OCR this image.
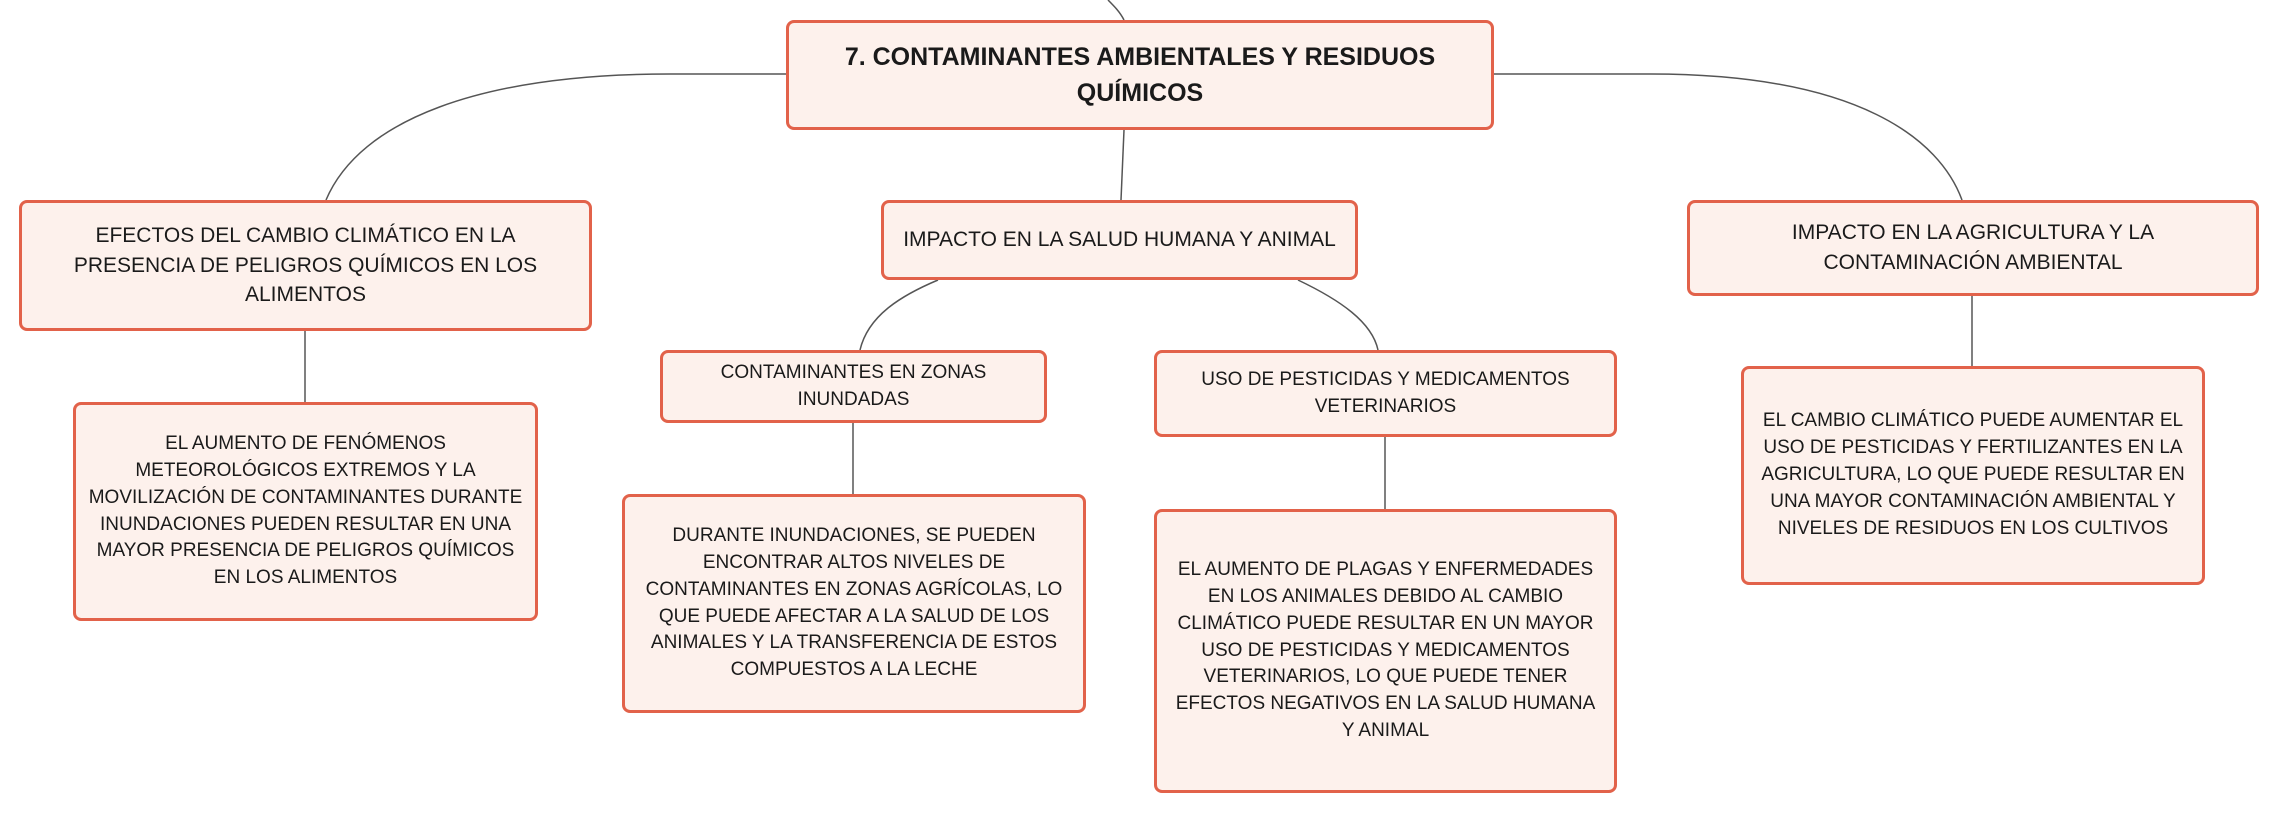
7. CONTAMINANTES AMBIENTALES Y RESIDUOS QUÍMICOS
EFECTOS DEL CAMBIO CLIMÁTICO EN LA PRESENCIA DE PELIGROS QUÍMICOS EN LOS ALIMENTOS
IMPACTO EN LA SALUD HUMANA Y ANIMAL	IMPACTO EN LA AGRICULTURA Y LA CONTAMINACIÓN AMBIENTAL
EL AUMENTO DE FENÓMENOS METEOROLÓGICOS EXTREMOS Y LA MOVILIZACIÓN DE CONTAMINANTES DURANTE INUNDACIONES PUEDEN RESULTAR EN UNA MAYOR PRESENCIA DE PELIGROS QUÍMICOS EN LOS ALIMENTOS
CONTAMINANTES EN ZONAS INUNDADAS
USO DE PESTICIDAS Y MEDICAMENTOS VETERINARIOS
DURANTE INUNDACIONES, SE PUEDEN ENCONTRAR ALTOS NIVELES DE CONTAMINANTES EN ZONAS AGRÍCOLAS, LO QUE PUEDE AFECTAR A LA SALUD DE LOS ANIMALES Y LA TRANSFERENCIA DE ESTOS COMPUESTOS A LA LECHE
EL AUMENTO DE PLAGAS Y ENFERMEDADES EN LOS ANIMALES DEBIDO AL CAMBIO CLIMÁTICO PUEDE RESULTAR EN UN MAYOR USO DE PESTICIDAS Y MEDICAMENTOS VETERINARIOS, LO QUE PUEDE TENER EFECTOS NEGATIVOS EN LA SALUD HUMANA Y ANIMAL
EL CAMBIO CLIMÁTICO PUEDE AUMENTAR EL USO DE PESTICIDAS Y FERTILIZANTES EN LA AGRICULTURA, LO QUE PUEDE RESULTAR EN UNA MAYOR CONTAMINACIÓN AMBIENTAL Y NIVELES DE RESIDUOS EN LOS CULTIVOS
